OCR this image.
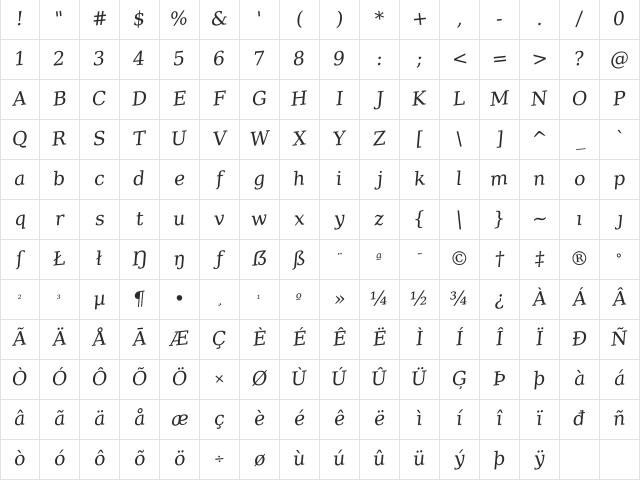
! " # $ % & ' ( ) * + , - . / 0
1 2 3 4 5 6 7 8 9 : ; < = > ? @
A B C D E F G H I J K L M N O P
Q R S T U V W X Y Z [ \ ] ^ _ `
a b c d e f g h i j k l m n o p
q r s t u v w x y z { | } ~ ı ȷ
ſ Ł ł Ŋ ŋ ƒ ẞ ß ¨ ª ¯ © † ‡ ® °
²	³ µ ¶ • ¸	¹	º » ¼ ½ ¾ ¿ À Á Â
Ã Ä Å Ā Æ Ç È É Ê Ë Ì Í Î Ï Đ Ñ
Ò Ó Ô Õ Ö × Ø Ù Ú Û Ü Ģ Þ þ à á
â ã ä å æ ç è é ê ë ì í î ï đ ñ
ò ó ô õ ö ÷ ø ù ú û ü ý þ ÿ
